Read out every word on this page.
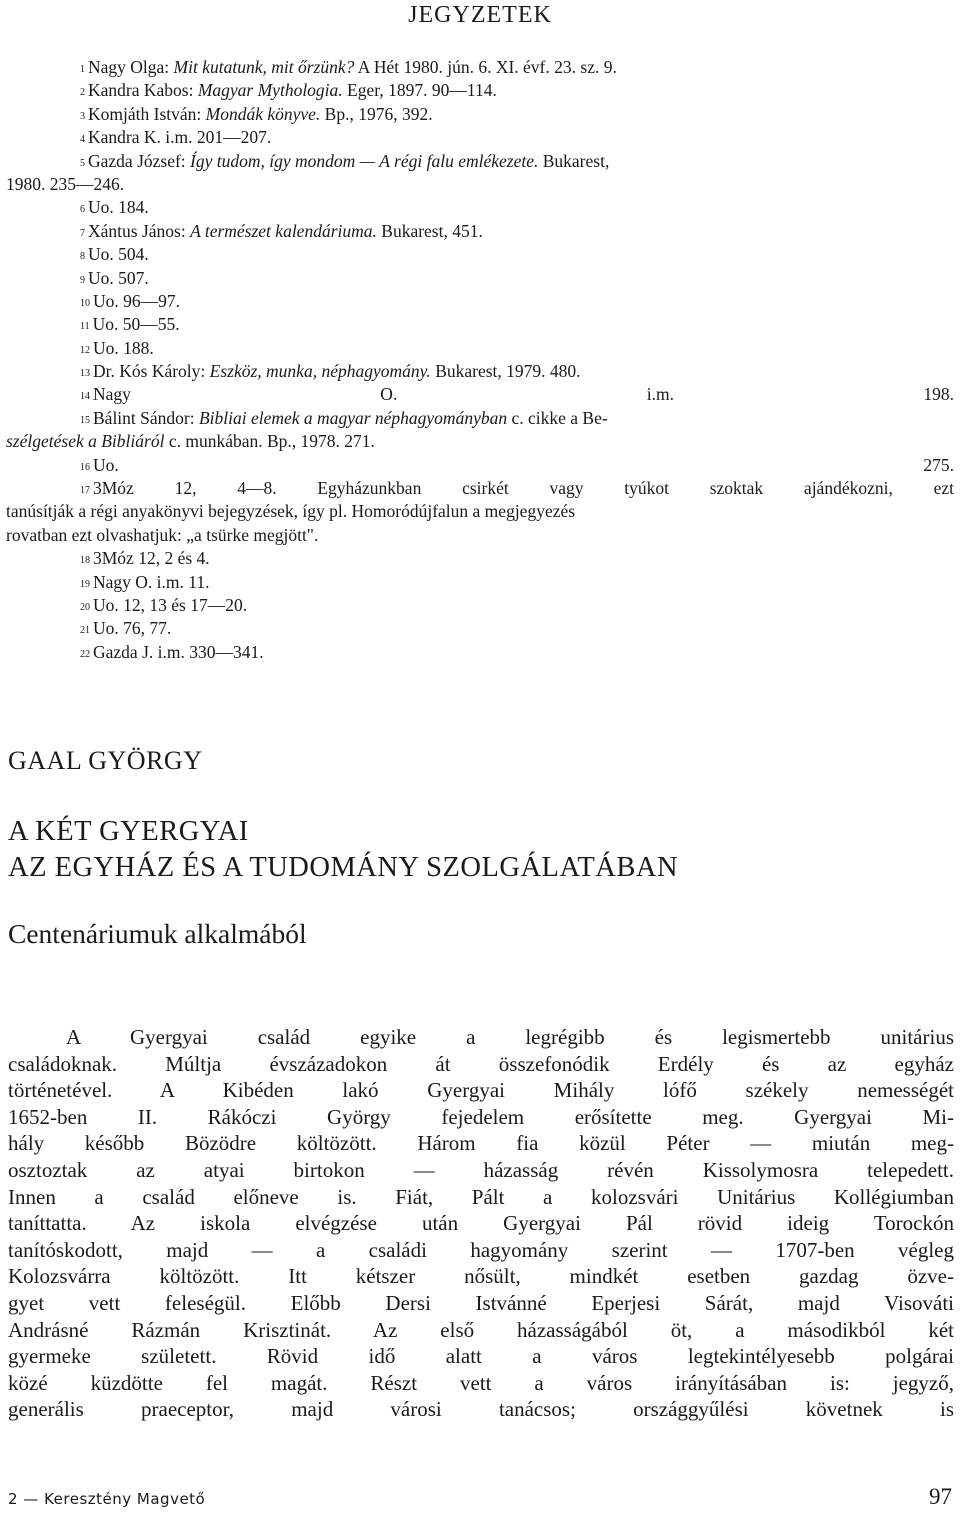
JEGYZETEK
$^1$ Nagy Olga: Mit kutatunk, mit őrzünk? A Hét 1980. jún. 6. XI. évf. 23. sz. 9.
$^2$ Kandra Kabos: Magyar Mythologia. Eger, 1897. 90—114.
$^3$ Komjáth István: Mondák könyve. Bp., 1976, 392.
$^4$ Kandra K. i.m. 201—207.
$^5$ Gazda József: Így tudom, így mondom — A régi falu emlékezete. Bukarest,
1980. 235—246.
$^6$ Uo. 184.
$^7$ Xántus János: A természet kalendáriuma. Bukarest, 451.
$^8$ Uo. 504.
$^9$ Uo. 507.
$^{10}$ Uo. 96—97.
$^{11}$ Uo. 50—55.
$^{12}$ Uo. 188.
$^{13}$ Dr. Kós Károly: Eszköz, munka, néphagyomány. Bukarest, 1979. 480.
$^{14}$ Nagy O. i.m. 198.
$^{15}$ Bálint Sándor: Bibliai elemek a magyar néphagyományban c. cikke a Be-
szélgetések a Bibliáról c. munkában. Bp., 1978. 271.
$^{16}$ Uo. 275.
$^{17}$ 3Móz 12, 4—8. Egyházunkban csirkét vagy tyúkot szoktak ajándékozni, ezt
tanúsítják a régi anyakönyvi bejegyzések, így pl. Homoródújfalun a megjegyezés
rovatban ezt olvashatjuk: „a tsürke megjött".
$^{18}$ 3Móz 12, 2 és 4.
$^{19}$ Nagy O. i.m. 11.
$^{20}$ Uo. 12, 13 és 17—20.
$^{21}$ Uo. 76, 77.
$^{22}$ Gazda J. i.m. 330—341.
GAAL GYÖRGY
A KÉT GYERGYAI
AZ EGYHÁZ ÉS A TUDOMÁNY SZOLGÁLATÁBAN
Centenáriumuk alkalmából
A Gyergyai család egyike a legrégibb és legismertebb unitárius
családoknak. Múltja évszázadokon át összefonódik Erdély és az egyház
történetével. A Kibéden lakó Gyergyai Mihály lófő székely nemességét
1652-ben II. Rákóczi György fejedelem erősítette meg. Gyergyai Mi-
hály később Bözödre költözött. Három fia közül Péter — miután meg-
osztoztak az atyai birtokon — házasság révén Kissolymosra telepedett.
Innen a család előneve is. Fiát, Pált a kolozsvári Unitárius Kollégiumban
taníttatta. Az iskola elvégzése után Gyergyai Pál rövid ideig Torockón
tanítóskodott, majd — a családi hagyomány szerint — 1707-ben végleg
Kolozsvárra költözött. Itt kétszer nősült, mindkét esetben gazdag özve-
gyet vett feleségül. Előbb Dersi Istvánné Eperjesi Sárát, majd Visováti
Andrásné Rázmán Krisztinát. Az első házasságából öt, a másodikból két
gyermeke született. Rövid idő alatt a város legtekintélyesebb polgárai
közé küzdötte fel magát. Részt vett a város irányításában is: jegyző,
generális praeceptor, majd városi tanácsos; országgyűlési követnek is
2 — Keresztény Magvető	97
